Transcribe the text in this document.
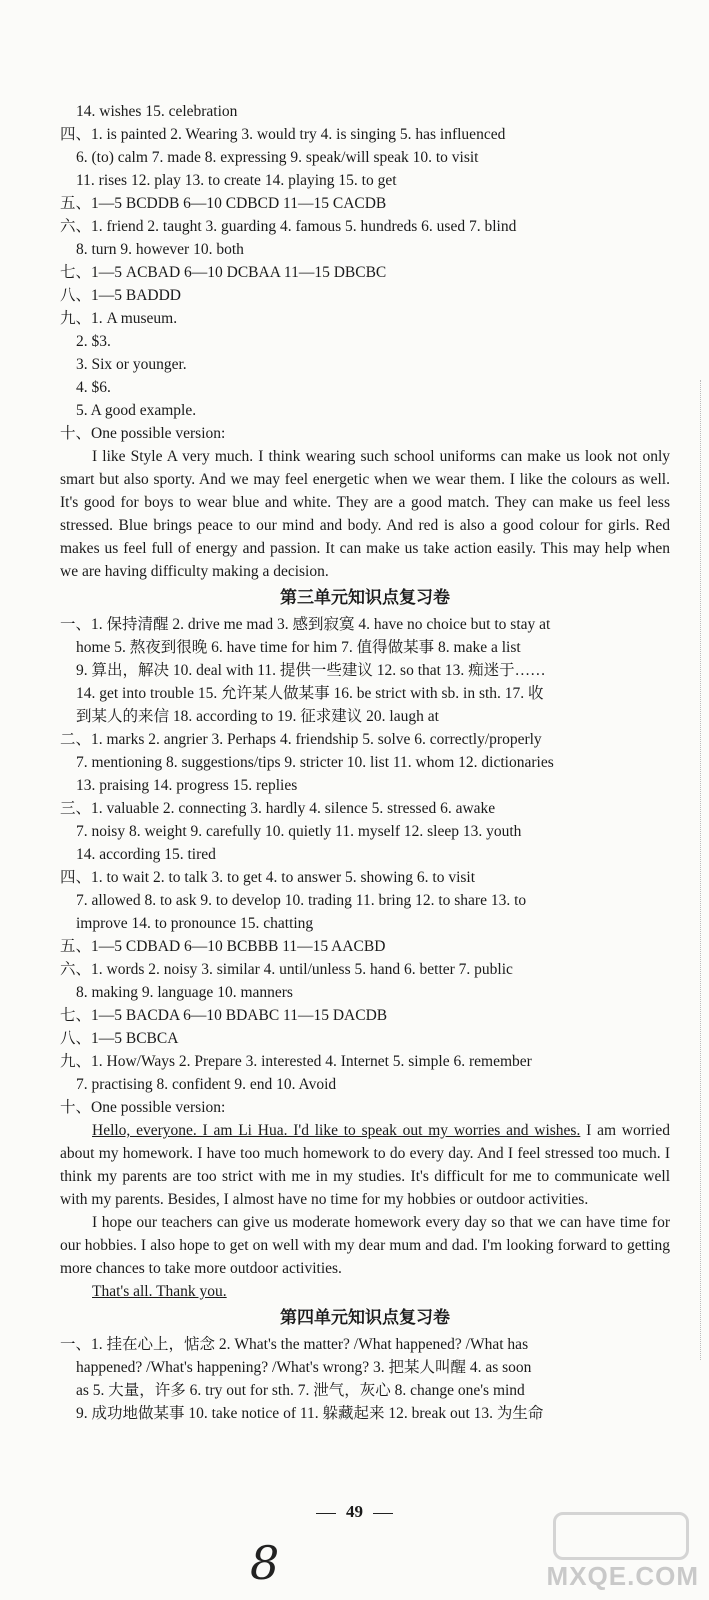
14. wishes 15. celebration
四、1. is painted 2. Wearing 3. would try 4. is singing 5. has influenced
6. (to) calm 7. made 8. expressing 9. speak/will speak 10. to visit
11. rises 12. play 13. to create 14. playing 15. to get
五、1—5 BCDDB 6—10 CDBCD 11—15 CACDB
六、1. friend 2. taught 3. guarding 4. famous 5. hundreds 6. used 7. blind
8. turn 9. however 10. both
七、1—5 ACBAD 6—10 DCBAA 11—15 DBCBC
八、1—5 BADDD
九、1. A museum.
2. $3.
3. Six or younger.
4. $6.
5. A good example.
十、One possible version:

I like Style A very much. I think wearing such school uniforms can make us look not only smart but also sporty. And we may feel energetic when we wear them. I like the colours as well. It's good for boys to wear blue and white. They are a good match. They can make us feel less stressed. Blue brings peace to our mind and body. And red is also a good colour for girls. Red makes us feel full of energy and passion. It can make us take action easily. This may help when we are having difficulty making a decision.

第三单元知识点复习卷
一、1. 保持清醒 2. drive me mad 3. 感到寂寞 4. have no choice but to stay at
home 5. 熬夜到很晚 6. have time for him 7. 值得做某事 8. make a list
9. 算出，解决 10. deal with 11. 提供一些建议 12. so that 13. 痴迷于……
14. get into trouble 15. 允许某人做某事 16. be strict with sb. in sth. 17. 收
到某人的来信 18. according to 19. 征求建议 20. laugh at
二、1. marks 2. angrier 3. Perhaps 4. friendship 5. solve 6. correctly/properly
7. mentioning 8. suggestions/tips 9. stricter 10. list 11. whom 12. dictionaries
13. praising 14. progress 15. replies
三、1. valuable 2. connecting 3. hardly 4. silence 5. stressed 6. awake
7. noisy 8. weight 9. carefully 10. quietly 11. myself 12. sleep 13. youth
14. according 15. tired
四、1. to wait 2. to talk 3. to get 4. to answer 5. showing 6. to visit
7. allowed 8. to ask 9. to develop 10. trading 11. bring 12. to share 13. to
improve 14. to pronounce 15. chatting
五、1—5 CDBAD 6—10 BCBBB 11—15 AACBD
六、1. words 2. noisy 3. similar 4. until/unless 5. hand 6. better 7. public
8. making 9. language 10. manners
七、1—5 BACDA 6—10 BDABC 11—15 DACDB
八、1—5 BCBCA
九、1. How/Ways 2. Prepare 3. interested 4. Internet 5. simple 6. remember
7. practising 8. confident 9. end 10. Avoid
十、One possible version:

Hello, everyone. I am Li Hua. I'd like to speak out my worries and wishes. I am worried about my homework. I have too much homework to do every day. And I feel stressed too much. I think my parents are too strict with me in my studies. It's difficult for me to communicate well with my parents. Besides, I almost have no time for my hobbies or outdoor activities.

I hope our teachers can give us moderate homework every day so that we can have time for our hobbies. I also hope to get on well with my dear mum and dad. I'm looking forward to getting more chances to take more outdoor activities.

That's all. Thank you.

第四单元知识点复习卷
一、1. 挂在心上，惦念 2. What's the matter? /What happened? /What has
happened? /What's happening? /What's wrong? 3. 把某人叫醒 4. as soon
as 5. 大量，许多 6. try out for sth. 7. 泄气，灰心 8. change one's mind
9. 成功地做某事 10. take notice of 11. 躲藏起来 12. break out 13. 为生命
49
8	MXQE.COM
